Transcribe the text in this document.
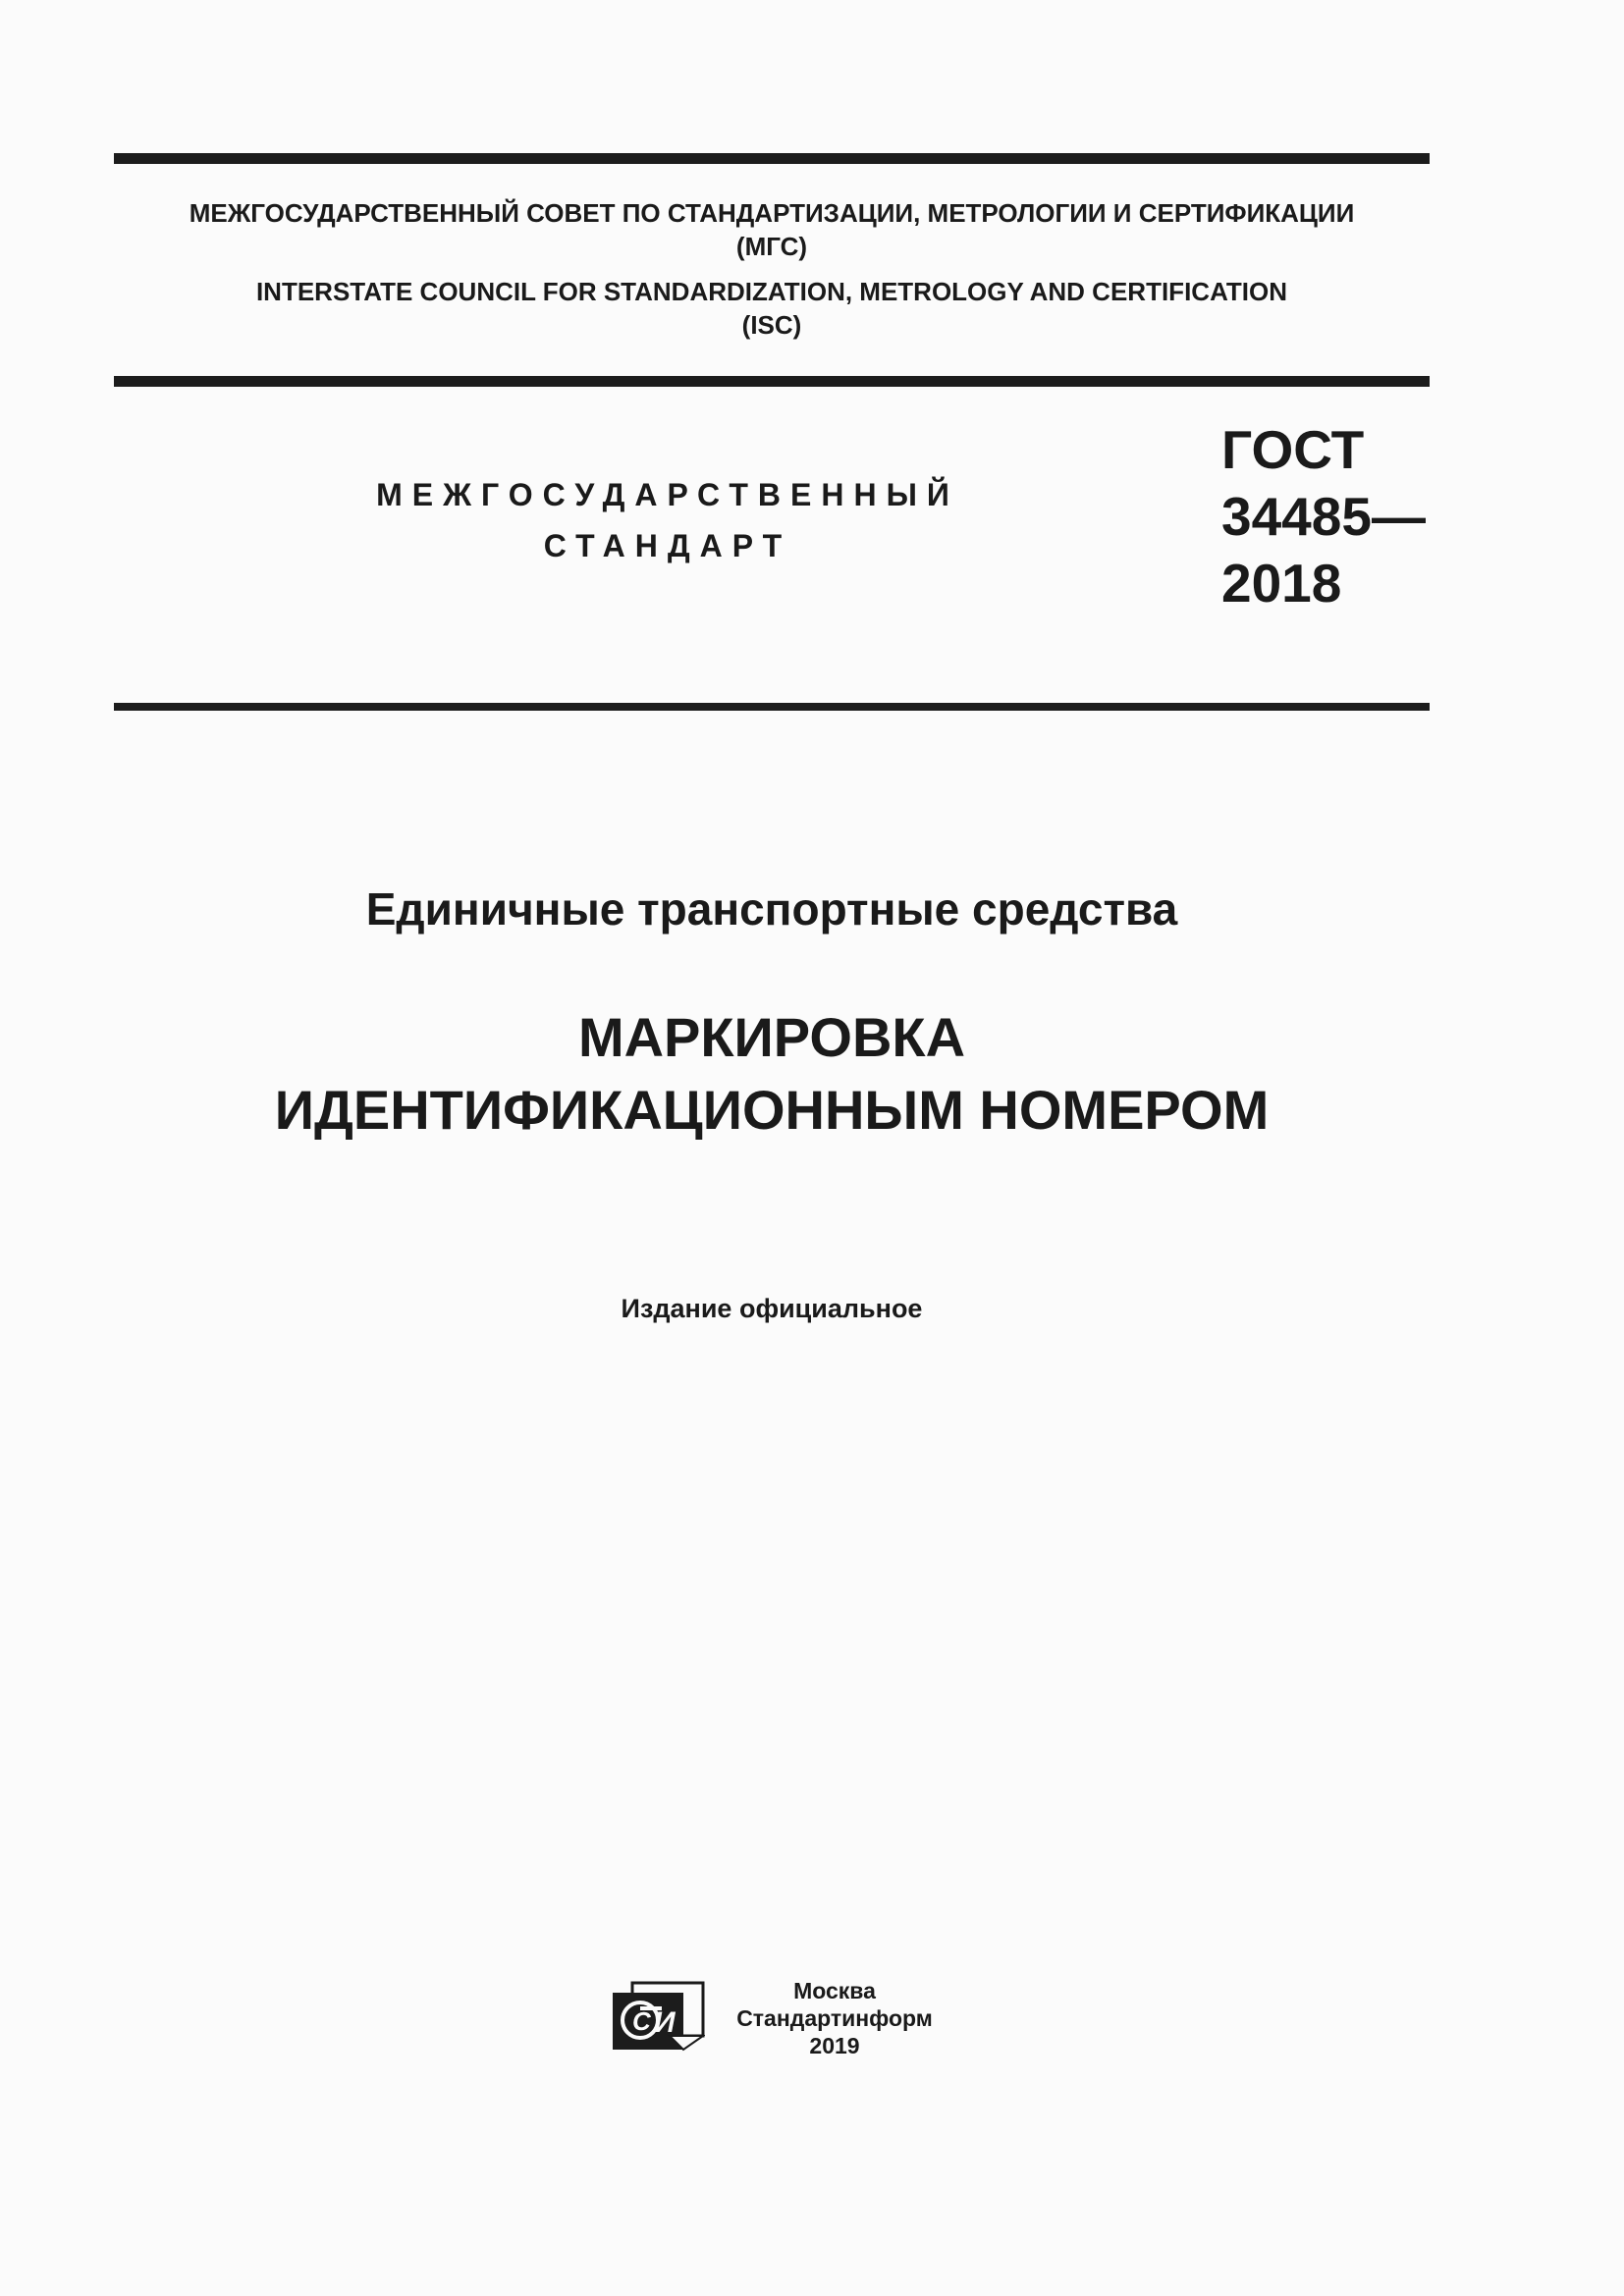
МЕЖГОСУДАРСТВЕННЫЙ СОВЕТ ПО СТАНДАРТИЗАЦИИ, МЕТРОЛОГИИ И СЕРТИФИКАЦИИ
(МГС)
INTERSTATE COUNCIL FOR STANDARDIZATION, METROLOGY AND CERTIFICATION
(ISC)
МЕЖГОСУДАРСТВЕННЫЙ
СТАНДАРТ
ГОСТ
34485—
2018
Единичные транспортные средства
МАРКИРОВКА
ИДЕНТИФИКАЦИОННЫМ НОМЕРОМ
Издание официальное
С И
Москва
Стандартинформ
2019
